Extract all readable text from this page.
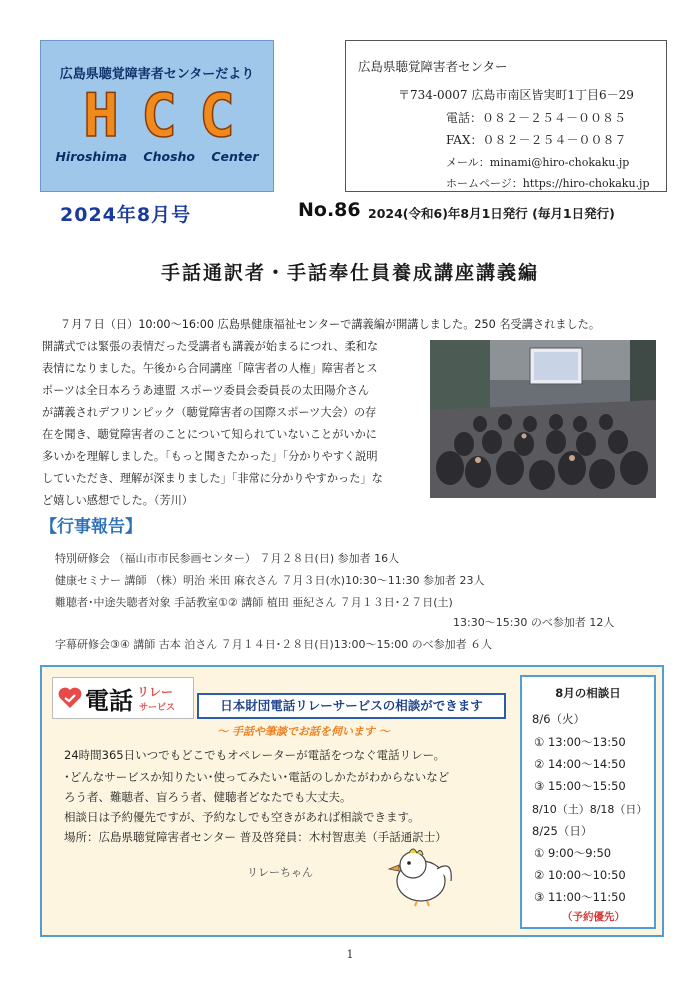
広島県聴覚障害者センターだより
H C C
Hiroshima Chosho Center
広島県聴覚障害者センター
〒734-0007 広島市南区皆実町1丁目6－29
電話：０８２－２５４－００８５
FAX：０８２－２５４－００８７
メール：minami@hiro-chokaku.jp
ホームページ：https://hiro-chokaku.jp
2024年8月号	No.86 2024(令和6)年8月1日発行 (毎月1日発行)
手話通訳者・手話奉仕員養成講座講義編
７月７日（日）10:00～16:00 広島県健康福祉センターで講義編が開講しました。250 名受講されました。
開講式では緊張の表情だった受講者も講義が始まるにつれ、柔和な
表情になりました。午後から合同講座「障害者の人権」障害者とス
ポーツは全日本ろうあ連盟 スポーツ委員会委員長の太田陽介さん
が講義されデフリンピック（聴覚障害者の国際スポーツ大会）の存
在を聞き、聴覚障害者のことについて知られていないことがいかに
多いかを理解しました。「もっと聞きたかった」「分かりやすく説明
していただき、理解が深まりました」「非常に分かりやすかった」な
ど嬉しい感想でした。（芳川）
【行事報告】
特別研修会 （福山市市民参画センター） ７月２８日(日) 参加者 16人
健康セミナー 講師 （株）明治 米田 麻衣さん ７月３日(水)10:30～11:30 参加者 23人
難聴者･中途失聴者対象 手話教室①② 講師 植田 亜紀さん ７月１３日･２７日(土)
13:30～15:30 のべ参加者 12人
字幕研修会③④ 講師 古本 泊さん ７月１４日･２８日(日)13:00～15:00 のべ参加者 ６人
電話 リレー
サービス	日本財団電話リレーサービスの相談ができます
～ 手話や筆談でお話を伺います ～
24時間365日いつでもどこでもオペレーターが電話をつなぐ電話リレー。
･どんなサービスか知りたい･使ってみたい･電話のしかたがわからないなど
ろう者、難聴者、盲ろう者、健聴者どなたでも大丈夫。
相談日は予約優先ですが、予約なしでも空きがあれば相談できます。
場所：広島県聴覚障害者センター 普及啓発員：木村智恵美（手話通訳士）
リレーちゃん
8月の相談日
8/6（火）
① 13:00～13:50
② 14:00～14:50
③ 15:00～15:50
8/10（土）8/18（日）
8/25（日）
① 9:00～9:50
② 10:00～10:50
③ 11:00～11:50
（予約優先）
1
